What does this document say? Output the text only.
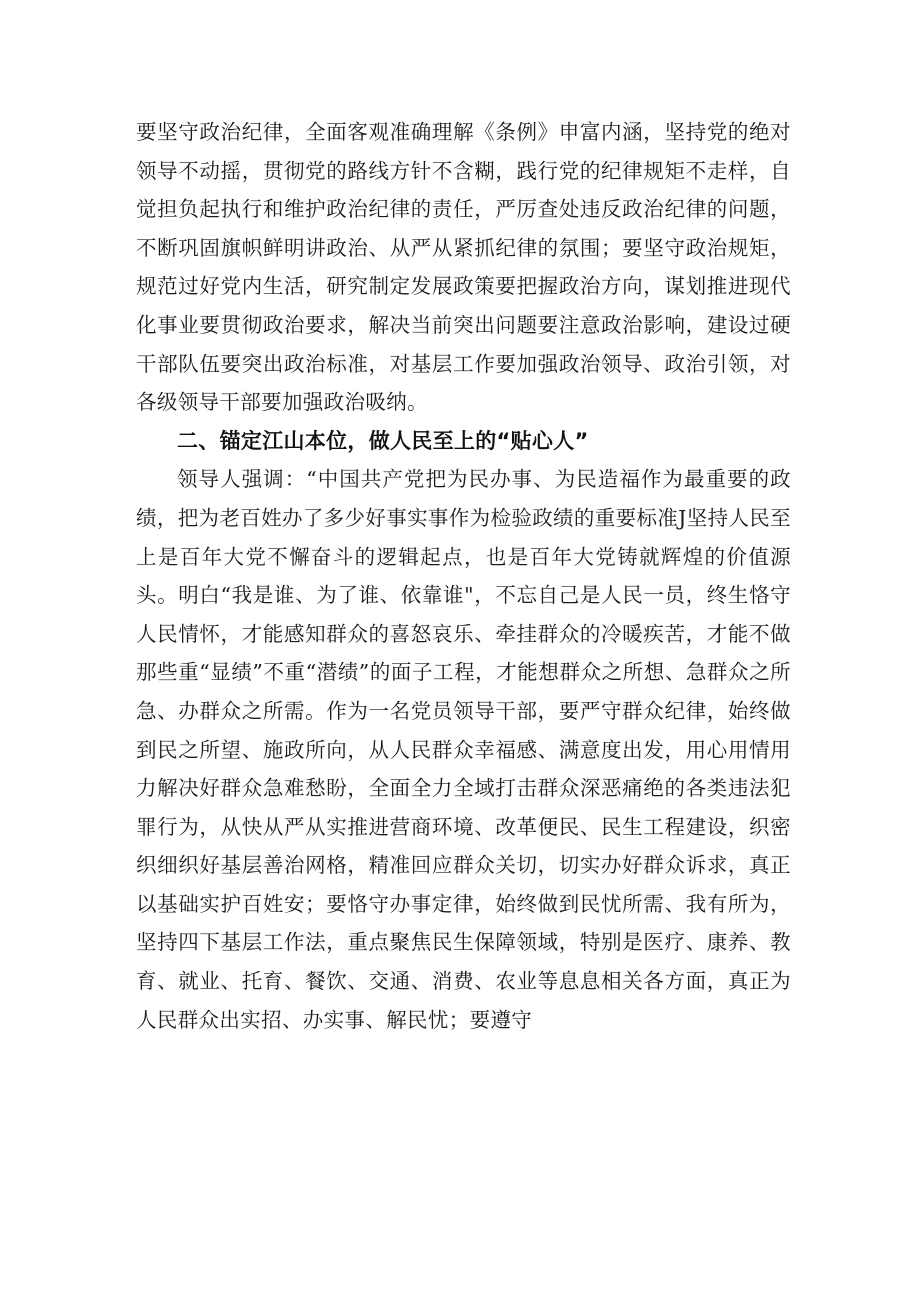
要坚守政治纪律，全面客观准确理解《条例》申富内涵，坚持党的绝对领导不动摇，贯彻党的路线方针不含糊，践行党的纪律规矩不走样，自觉担负起执行和维护政治纪律的责任，严厉查处违反政治纪律的问题，不断巩固旗帜鲜明讲政治、从严从紧抓纪律的氛围；要坚守政治规矩，规范过好党内生活，研究制定发展政策要把握政治方向，谋划推进现代化事业要贯彻政治要求，解决当前突出问题要注意政治影响，建设过硬干部队伍要突出政治标准，对基层工作要加强政治领导、政治引领，对各级领导干部要加强政治吸纳。

二、锚定江山本位，做人民至上的“贴心人”

领导人强调：“中国共产党把为民办事、为民造福作为最重要的政绩，把为老百姓办了多少好事实事作为检验政绩的重要标准J坚持人民至上是百年大党不懈奋斗的逻辑起点，也是百年大党铸就辉煌的价值源头。明白“我是谁、为了谁、依靠谁"，不忘自己是人民一员，终生恪守人民情怀，才能感知群众的喜怒哀乐、牵挂群众的冷暖疾苦，才能不做那些重“显绩”不重“潜绩”的面子工程，才能想群众之所想、急群众之所急、办群众之所需。作为一名党员领导干部，要严守群众纪律，始终做到民之所望、施政所向，从人民群众幸福感、满意度出发，用心用情用力解决好群众急难愁盼，全面全力全域打击群众深恶痛绝的各类违法犯罪行为，从快从严从实推进营商环境、改革便民、民生工程建设，织密织细织好基层善治网格，精准回应群众关切，切实办好群众诉求，真正以基础实护百姓安；要恪守办事定律，始终做到民忧所需、我有所为，坚持四下基层工作法，重点聚焦民生保障领域，特别是医疗、康养、教育、就业、托育、餐饮、交通、消费、农业等息息相关各方面，真正为人民群众出实招、办实事、解民忧；要遵守
